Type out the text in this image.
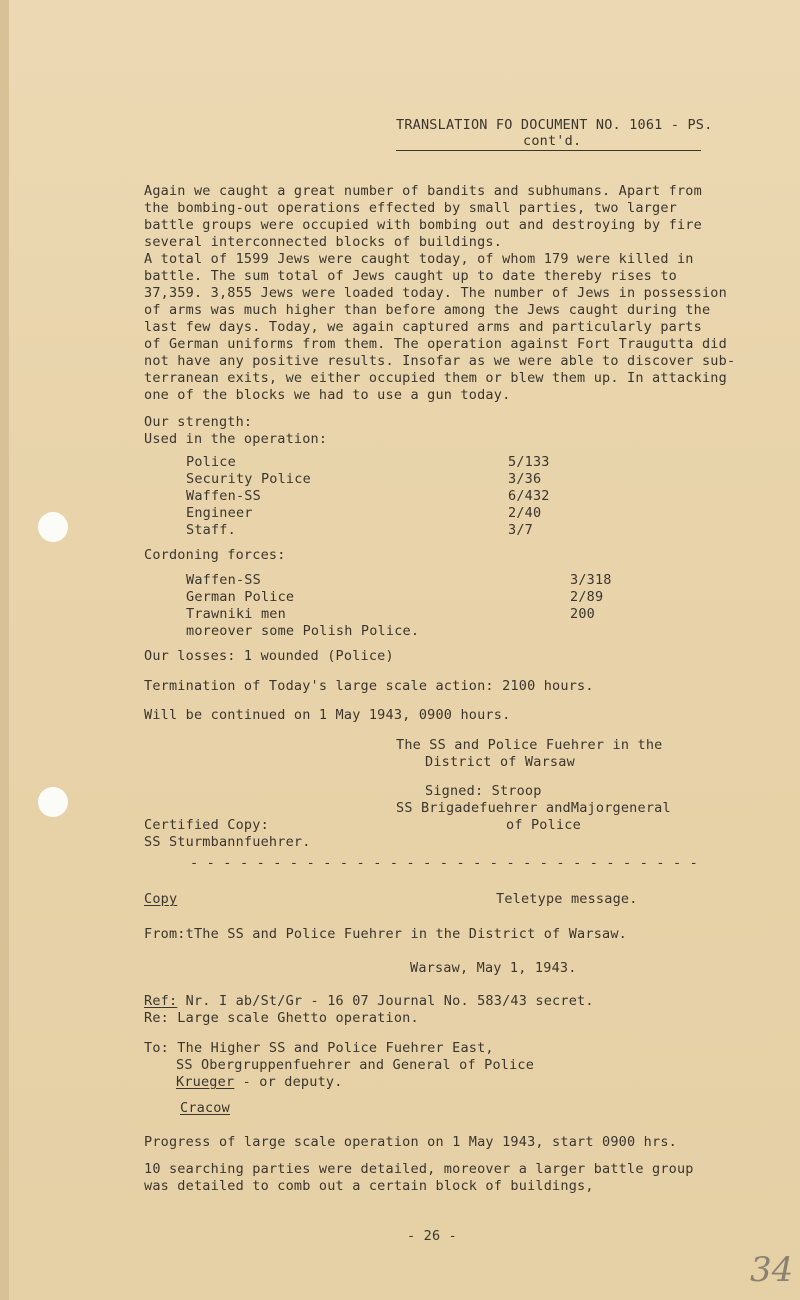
TRANSLATION FO DOCUMENT NO. 1061 - PS.
cont'd.
Again we caught a great number of bandits and subhumans. Apart from
the bombing-out operations effected by small parties, two larger
battle groups were occupied with bombing out and destroying by fire
several interconnected blocks of buildings.
A total of 1599 Jews were caught today, of whom 179 were killed in
battle. The sum total of Jews caught up to date thereby rises to
37,359. 3,855 Jews were loaded today. The number of Jews in possession
of arms was much higher than before among the Jews caught during the
last few days. Today, we again captured arms and particularly parts
of German uniforms from them. The operation against Fort Traugutta did
not have any positive results. Insofar as we were able to discover sub-
terranean exits, we either occupied them or blew them up. In attacking
one of the blocks we had to use a gun today.
Our strength:
Used in the operation:
Police	5/133
Security Police	3/36
Waffen-SS	6/432
Engineer	2/40
Staff.	3/7
Cordoning forces:
Waffen-SS	3/318
German Police	2/89
Trawniki men	200
moreover some Polish Police.
Our losses: 1 wounded (Police)
Termination of Today's large scale action: 2100 hours.
Will be continued on 1 May 1943, 0900 hours.
The SS and Police Fuehrer in the
District of Warsaw
Signed: Stroop
SS Brigadefuehrer andMajorgeneral
of Police
Certified Copy:
SS Sturmbannfuehrer.
- - - - - - - - - - - - - - - - - - - - - - - - - - - - - - -
Copy	Teletype message.
From:tThe SS and Police Fuehrer in the District of Warsaw.
Warsaw, May 1, 1943.
Ref: Nr. I ab/St/Gr - 16 07 Journal No. 583/43 secret.
Re: Large scale Ghetto operation.
To: The Higher SS and Police Fuehrer East,
SS Obergruppenfuehrer and General of Police
Krueger - or deputy.
Cracow
Progress of large scale operation on 1 May 1943, start 0900 hrs.
10 searching parties were detailed, moreover a larger battle group
was detailed to comb out a certain block of buildings,
- 26 -
34
